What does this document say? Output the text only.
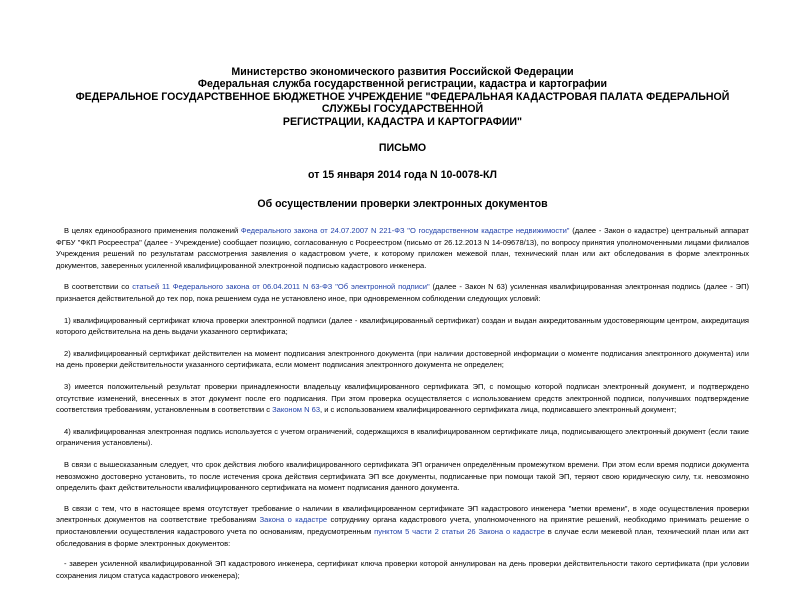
Министерство экономического развития Российской Федерации
Федеральная служба государственной регистрации, кадастра и картографии
ФЕДЕРАЛЬНОЕ ГОСУДАРСТВЕННОЕ БЮДЖЕТНОЕ УЧРЕЖДЕНИЕ "ФЕДЕРАЛЬНАЯ КАДАСТРОВАЯ ПАЛАТА ФЕДЕРАЛЬНОЙ СЛУЖБЫ ГОСУДАРСТВЕННОЙ
РЕГИСТРАЦИИ, КАДАСТРА И КАРТОГРАФИИ"
ПИСЬМО
от 15 января 2014 года N 10-0078-КЛ
Об осуществлении проверки электронных документов

В целях единообразного применения положений Федерального закона от 24.07.2007 N 221-ФЗ "О государственном кадастре недвижимости" (далее - Закон о кадастре) центральный аппарат ФГБУ "ФКП Росреестра" (далее - Учреждение) сообщает позицию, согласованную с Росреестром (письмо от 26.12.2013 N 14-09678/13), по вопросу принятия уполномоченными лицами филиалов Учреждения решений по результатам рассмотрения заявления о кадастровом учете, к которому приложен межевой план, технический план или акт обследования в форме электронных документов, заверенных усиленной квалифицированной электронной подписью кадастрового инженера.

В соответствии со статьей 11 Федерального закона от 06.04.2011 N 63-ФЗ "Об электронной подписи" (далее - Закон N 63) усиленная квалифицированная электронная подпись (далее - ЭП) признается действительной до тех пор, пока решением суда не установлено иное, при одновременном соблюдении следующих условий:

1) квалифицированный сертификат ключа проверки электронной подписи (далее - квалифицированный сертификат) создан и выдан аккредитованным удостоверяющим центром, аккредитация которого действительна на день выдачи указанного сертификата;

2) квалифицированный сертификат действителен на момент подписания электронного документа (при наличии достоверной информации о моменте подписания электронного документа) или на день проверки действительности указанного сертификата, если момент подписания электронного документа не определен;

3) имеется положительный результат проверки принадлежности владельцу квалифицированного сертификата ЭП, с помощью которой подписан электронный документ, и подтверждено отсутствие изменений, внесенных в этот документ после его подписания. При этом проверка осуществляется с использованием средств электронной подписи, получивших подтверждение соответствия требованиям, установленным в соответствии с Законом N 63, и с использованием квалифицированного сертификата лица, подписавшего электронный документ;

4) квалифицированная электронная подпись используется с учетом ограничений, содержащихся в квалифицированном сертификате лица, подписывающего электронный документ (если такие ограничения установлены).

В связи с вышесказанным следует, что срок действия любого квалифицированного сертификата ЭП ограничен определённым промежутком времени. При этом если время подписи документа невозможно достоверно установить, то после истечения срока действия сертификата ЭП все документы, подписанные при помощи такой ЭП, теряют свою юридическую силу, т.к. невозможно определить факт действительности квалифицированного сертификата на момент подписания данного документа.

В связи с тем, что в настоящее время отсутствует требование о наличии в квалифицированном сертификате ЭП кадастрового инженера "метки времени", в ходе осуществления проверки электронных документов на соответствие требованиям Закона о кадастре сотруднику органа кадастрового учета, уполномоченного на принятие решений, необходимо принимать решение о приостановлении осуществления кадастрового учета по основаниям, предусмотренным пунктом 5 части 2 статьи 26 Закона о кадастре в случае если межевой план, технический план или акт обследования в форме электронных документов:

- заверен усиленной квалифицированной ЭП кадастрового инженера, сертификат ключа проверки которой аннулирован на день проверки действительности такого сертификата (при условии сохранения лицом статуса кадастрового инженера);
